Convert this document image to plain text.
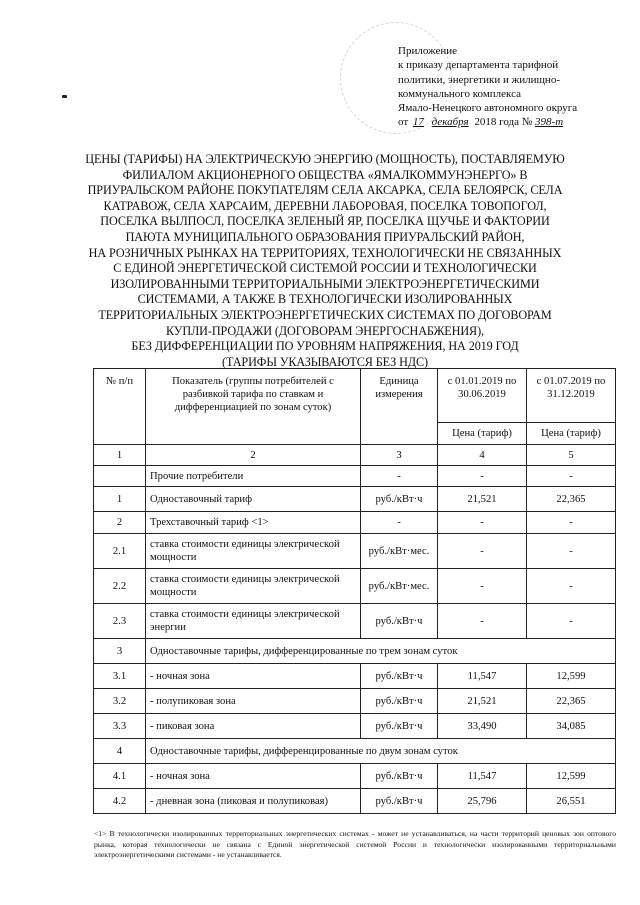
Приложение
к приказу департамента тарифной
политики, энергетики и жилищно-
коммунального комплекса
Ямало-Ненецкого автономного округа
от 17 декабря 2018 года № 398-т
ЦЕНЫ (ТАРИФЫ) НА ЭЛЕКТРИЧЕСКУЮ ЭНЕРГИЮ (МОЩНОСТЬ), ПОСТАВЛЯЕМУЮ
ФИЛИАЛОМ АКЦИОНЕРНОГО ОБЩЕСТВА «ЯМАЛКОММУНЭНЕРГО» В
ПРИУРАЛЬСКОМ РАЙОНЕ ПОКУПАТЕЛЯМ СЕЛА АКСАРКА, СЕЛА БЕЛОЯРСК, СЕЛА
КАТРАВОЖ, СЕЛА ХАРСАИМ, ДЕРЕВНИ ЛАБОРОВАЯ, ПОСЕЛКА ТОВОПОГОЛ,
ПОСЕЛКА ВЫЛПОСЛ, ПОСЕЛКА ЗЕЛЕНЫЙ ЯР, ПОСЕЛКА ЩУЧЬЕ И ФАКТОРИИ
ПАЮТА МУНИЦИПАЛЬНОГО ОБРАЗОВАНИЯ ПРИУРАЛЬСКИЙ РАЙОН,
НА РОЗНИЧНЫХ РЫНКАХ НА ТЕРРИТОРИЯХ, ТЕХНОЛОГИЧЕСКИ НЕ СВЯЗАННЫХ
С ЕДИНОЙ ЭНЕРГЕТИЧЕСКОЙ СИСТЕМОЙ РОССИИ И ТЕХНОЛОГИЧЕСКИ
ИЗОЛИРОВАННЫМИ ТЕРРИТОРИАЛЬНЫМИ ЭЛЕКТРОЭНЕРГЕТИЧЕСКИМИ
СИСТЕМАМИ, А ТАКЖЕ В ТЕХНОЛОГИЧЕСКИ ИЗОЛИРОВАННЫХ
ТЕРРИТОРИАЛЬНЫХ ЭЛЕКТРОЭНЕРГЕТИЧЕСКИХ СИСТЕМАХ ПО ДОГОВОРАМ
КУПЛИ-ПРОДАЖИ (ДОГОВОРАМ ЭНЕРГОСНАБЖЕНИЯ),
БЕЗ ДИФФЕРЕНЦИАЦИИ ПО УРОВНЯМ НАПРЯЖЕНИЯ, НА 2019 ГОД
(ТАРИФЫ УКАЗЫВАЮТСЯ БЕЗ НДС)
№ п/п	Показатель (группы потребителей с разбивкой тарифа по ставкам и дифференциацией по зонам суток)	Единица измерения	с 01.01.2019 по 30.06.2019	с 01.07.2019 по 31.12.2019
			Цена (тариф)	Цена (тариф)
1	2	3	4	5
	Прочие потребители	-	-	-
1	Одноставочный тариф	руб./кВт·ч	21,521	22,365
2	Трехставочный тариф <1>	-	-	-
2.1	ставка стоимости единицы электрической мощности	руб./кВт·мес.	-	-
2.2	ставка стоимости единицы электрической мощности	руб./кВт·мес.	-	-
2.3	ставка стоимости единицы электрической энергии	руб./кВт·ч	-	-
3	Одноставочные тарифы, дифференцированные по трем зонам суток			
3.1	- ночная зона	руб./кВт·ч	11,547	12,599
3.2	- полупиковая зона	руб./кВт·ч	21,521	22,365
3.3	- пиковая зона	руб./кВт·ч	33,490	34,085
4	Одноставочные тарифы, дифференцированные по двум зонам суток			
4.1	- ночная зона	руб./кВт·ч	11,547	12,599
4.2	- дневная зона (пиковая и полупиковая)	руб./кВт·ч	25,796	26,551
<1> В технологически изолированных территориальных энергетических системах - может не устанавливаться, на части территорий ценовых зон оптового рынка, которая технологически не связана с Единой энергетической системой России и технологически изолированными территориальными электроэнергетическими системами - не устанавливается.
